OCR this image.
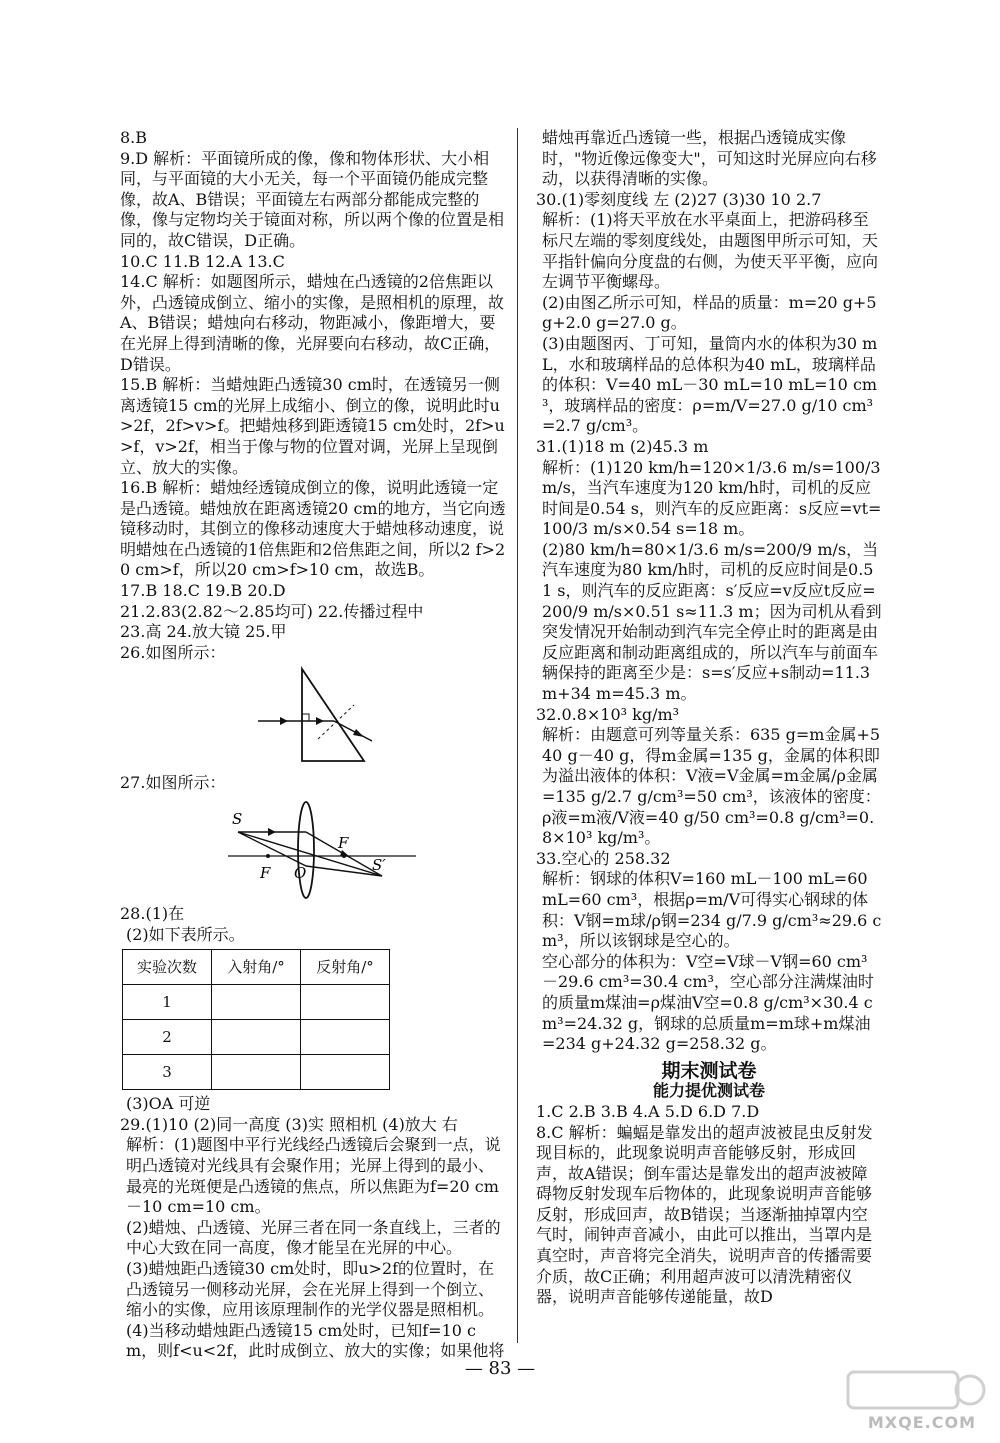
8.B

9.D 解析：平面镜所成的像，像和物体形状、大小相同，与平面镜的大小无关，每一个平面镜仍能成完整像，故A、B错误；平面镜左右两部分都能成完整的像，像与定物均关于镜面对称，所以两个像的位置是相同的，故C错误，D正确。

10.C 11.B 12.A 13.C

14.C 解析：如题图所示，蜡烛在凸透镜的2倍焦距以外，凸透镜成倒立、缩小的实像，是照相机的原理，故A、B错误；蜡烛向右移动，物距减小，像距增大，要在光屏上得到清晰的像，光屏要向右移动，故C正确，D错误。

15.B 解析：当蜡烛距凸透镜30 cm时，在透镜另一侧离透镜15 cm的光屏上成缩小、倒立的像，说明此时u>2f，2f>v>f。把蜡烛移到距透镜15 cm处时，2f>u>f，v>2f，相当于像与物的位置对调，光屏上呈现倒立、放大的实像。

16.B 解析：蜡烛经透镜成倒立的像，说明此透镜一定是凸透镜。蜡烛放在距离透镜20 cm的地方，当它向透镜移动时，其倒立的像移动速度大于蜡烛移动速度，说明蜡烛在凸透镜的1倍焦距和2倍焦距之间，所以2 f>20 cm>f，所以20 cm>f>10 cm，故选B。

17.B 18.C 19.B 20.D

21.2.83(2.82～2.85均可) 22.传播过程中

23.高 24.放大镜 25.甲

26.如图所示：

27.如图所示：

S
F
F
O	S′

28.(1)在

(2)如下表所示。

实验次数	入射角/°	反射角/°
1		
2		
3		

(3)OA 可逆

29.(1)10 (2)同一高度 (3)实 照相机 (4)放大 右

解析：(1)题图中平行光线经凸透镜后会聚到一点，说明凸透镜对光线具有会聚作用；光屏上得到的最小、最亮的光斑便是凸透镜的焦点，所以焦距为f=20 cm－10 cm=10 cm。

(2)蜡烛、凸透镜、光屏三者在同一条直线上，三者的中心大致在同一高度，像才能呈在光屏的中心。

(3)蜡烛距凸透镜30 cm处时，即u>2f的位置时，在凸透镜另一侧移动光屏，会在光屏上得到一个倒立、缩小的实像，应用该原理制作的光学仪器是照相机。

(4)当移动蜡烛距凸透镜15 cm处时，已知f=10 cm，则f<u<2f，此时成倒立、放大的实像；如果他将

蜡烛再靠近凸透镜一些，根据凸透镜成实像时，"物近像远像变大"，可知这时光屏应向右移动，以获得清晰的实像。

30.(1)零刻度线 左 (2)27 (3)30 10 2.7

解析：(1)将天平放在水平桌面上，把游码移至标尺左端的零刻度线处，由题图甲所示可知，天平指针偏向分度盘的右侧，为使天平平衡，应向左调节平衡螺母。

(2)由图乙所示可知，样品的质量：m=20 g+5 g+2.0 g=27.0 g。

(3)由题图丙、丁可知，量筒内水的体积为30 mL，水和玻璃样品的总体积为40 mL，玻璃样品的体积：V=40 mL－30 mL=10 mL=10 cm³，玻璃样品的密度：ρ=m/V=27.0 g/10 cm³=2.7 g/cm³。

31.(1)18 m (2)45.3 m

解析：(1)120 km/h=120×1/3.6 m/s=100/3 m/s，当汽车速度为120 km/h时，司机的反应时间是0.54 s，则汽车的反应距离：s反应=vt=100/3 m/s×0.54 s=18 m。

(2)80 km/h=80×1/3.6 m/s=200/9 m/s，当汽车速度为80 km/h时，司机的反应时间是0.51 s，则汽车的反应距离：s′反应=v反应t反应=200/9 m/s×0.51 s≈11.3 m；因为司机从看到突发情况开始制动到汽车完全停止时的距离是由反应距离和制动距离组成的，所以汽车与前面车辆保持的距离至少是：s=s′反应+s制动=11.3 m+34 m=45.3 m。

32.0.8×10³ kg/m³

解析：由题意可列等量关系：635 g=m金属+540 g－40 g，得m金属=135 g，金属的体积即为溢出液体的体积：V液=V金属=m金属/ρ金属=135 g/2.7 g/cm³=50 cm³，该液体的密度：ρ液=m液/V液=40 g/50 cm³=0.8 g/cm³=0.8×10³ kg/m³。

33.空心的 258.32

解析：钢球的体积V=160 mL－100 mL=60 mL=60 cm³，根据ρ=m/V可得实心钢球的体积：V钢=m球/ρ钢=234 g/7.9 g/cm³≈29.6 cm³，所以该钢球是空心的。

空心部分的体积为：V空=V球－V钢=60 cm³－29.6 cm³=30.4 cm³，空心部分注满煤油时的质量m煤油=ρ煤油V空=0.8 g/cm³×30.4 cm³=24.32 g，钢球的总质量m=m球+m煤油=234 g+24.32 g=258.32 g。

期末测试卷

能力提优测试卷

1.C 2.B 3.B 4.A 5.D 6.D 7.D

8.C 解析：蝙蝠是靠发出的超声波被昆虫反射发现目标的，此现象说明声音能够反射，形成回声，故A错误；倒车雷达是靠发出的超声波被障碍物反射发现车后物体的，此现象说明声音能够反射，形成回声，故B错误；当逐渐抽掉罩内空气时，闹钟声音减小，由此可以推出，当罩内是真空时，声音将完全消失，说明声音的传播需要介质，故C正确；利用超声波可以清洗精密仪器，说明声音能够传递能量，故D

— 83 —
MXQE.COM
